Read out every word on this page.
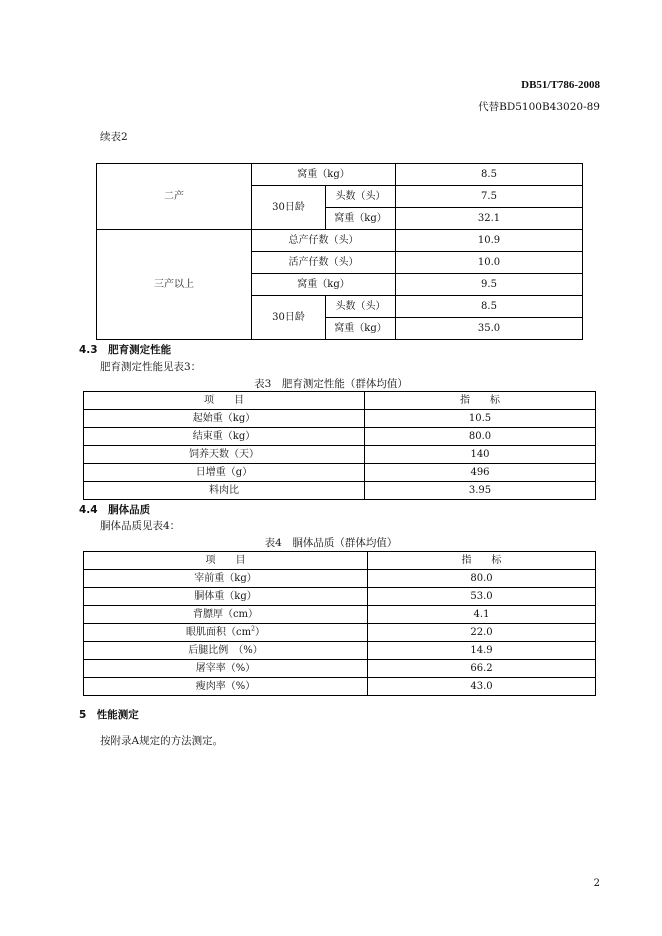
DB51/T786-2008
代替BD5100B43020-89
续表2
二产	窝重（kg）		8.5
	30日龄	头数（头）	7.5
		窝重（kg）	32.1
三产以上	总产仔数（头）		10.9
	活产仔数（头）		10.0
	窝重（kg）		9.5
	30日龄	头数（头）	8.5
		窝重（kg）	35.0
4.3　肥育测定性能
肥育测定性能见表3：
表3　肥育测定性能（群体均值）
项　　目	指　　标
起始重（kg）	10.5
结束重（kg）	80.0
饲养天数（天）	140
日增重（g）	496
料肉比	3.95
4.4　胴体品质
胴体品质见表4：
表4　胴体品质（群体均值）
项　　目	指　　标
宰前重（kg）	80.0
胴体重（kg）	53.0
背膘厚（cm）	4.1
眼肌面积$(cm^2)$	22.0
后腿比例　（%）	14.9
屠宰率（%）	66.2
瘦肉率（%）	43.0
5　性能测定
按附录A规定的方法测定。
2
